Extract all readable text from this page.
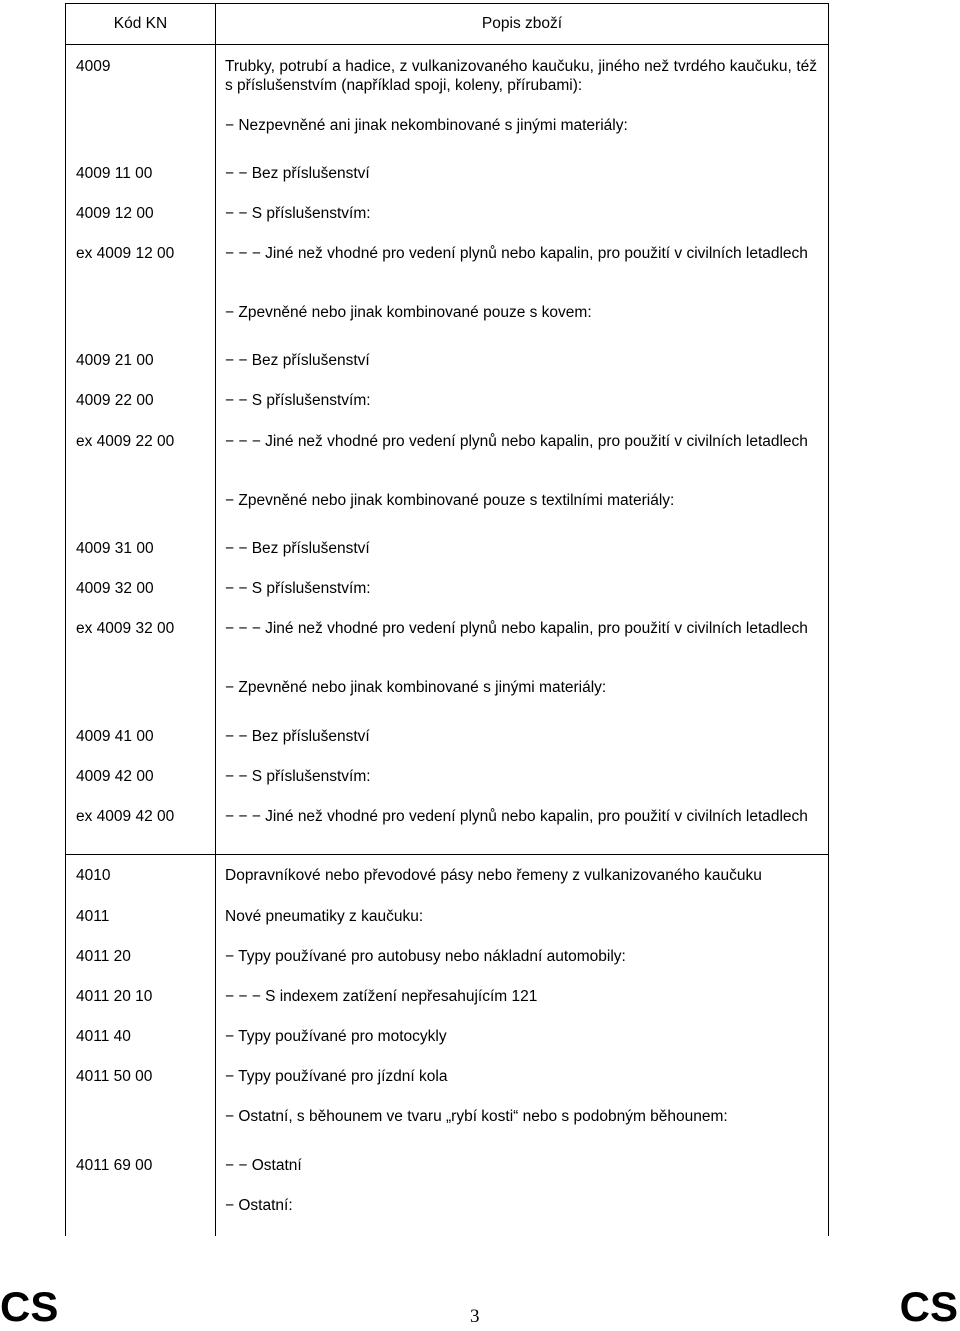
Kód KN	Popis zboží
4009	Trubky, potrubí a hadice, z vulkanizovaného kaučuku, jiného než tvrdého kaučuku, též s příslušenstvím (například spoji, koleny, přírubami):
− Nezpevněné ani jinak nekombinované s jinými materiály:
4009 11 00	− − Bez příslušenství
4009 12 00	− − S příslušenstvím:
ex 4009 12 00	− − − Jiné než vhodné pro vedení plynů nebo kapalin, pro použití v civilních letadlech
− Zpevněné nebo jinak kombinované pouze s kovem:
4009 21 00	− − Bez příslušenství
4009 22 00	− − S příslušenstvím:
ex 4009 22 00	− − − Jiné než vhodné pro vedení plynů nebo kapalin, pro použití v civilních letadlech
− Zpevněné nebo jinak kombinované pouze s textilními materiály:
4009 31 00	− − Bez příslušenství
4009 32 00	− − S příslušenstvím:
ex 4009 32 00	− − − Jiné než vhodné pro vedení plynů nebo kapalin, pro použití v civilních letadlech
− Zpevněné nebo jinak kombinované s jinými materiály:
4009 41 00	− − Bez příslušenství
4009 42 00	− − S příslušenstvím:
ex 4009 42 00	− − − Jiné než vhodné pro vedení plynů nebo kapalin, pro použití v civilních letadlech
4010	Dopravníkové nebo převodové pásy nebo řemeny z vulkanizovaného kaučuku
4011	Nové pneumatiky z kaučuku:
4011 20	− Typy používané pro autobusy nebo nákladní automobily:
4011 20 10	− − − S indexem zatížení nepřesahujícím 121
4011 40	− Typy používané pro motocykly
4011 50 00	− Typy používané pro jízdní kola
− Ostatní, s běhounem ve tvaru „rybí kosti“ nebo s podobným běhounem:
4011 69 00	− − Ostatní
− Ostatní:
CS	3	CS
